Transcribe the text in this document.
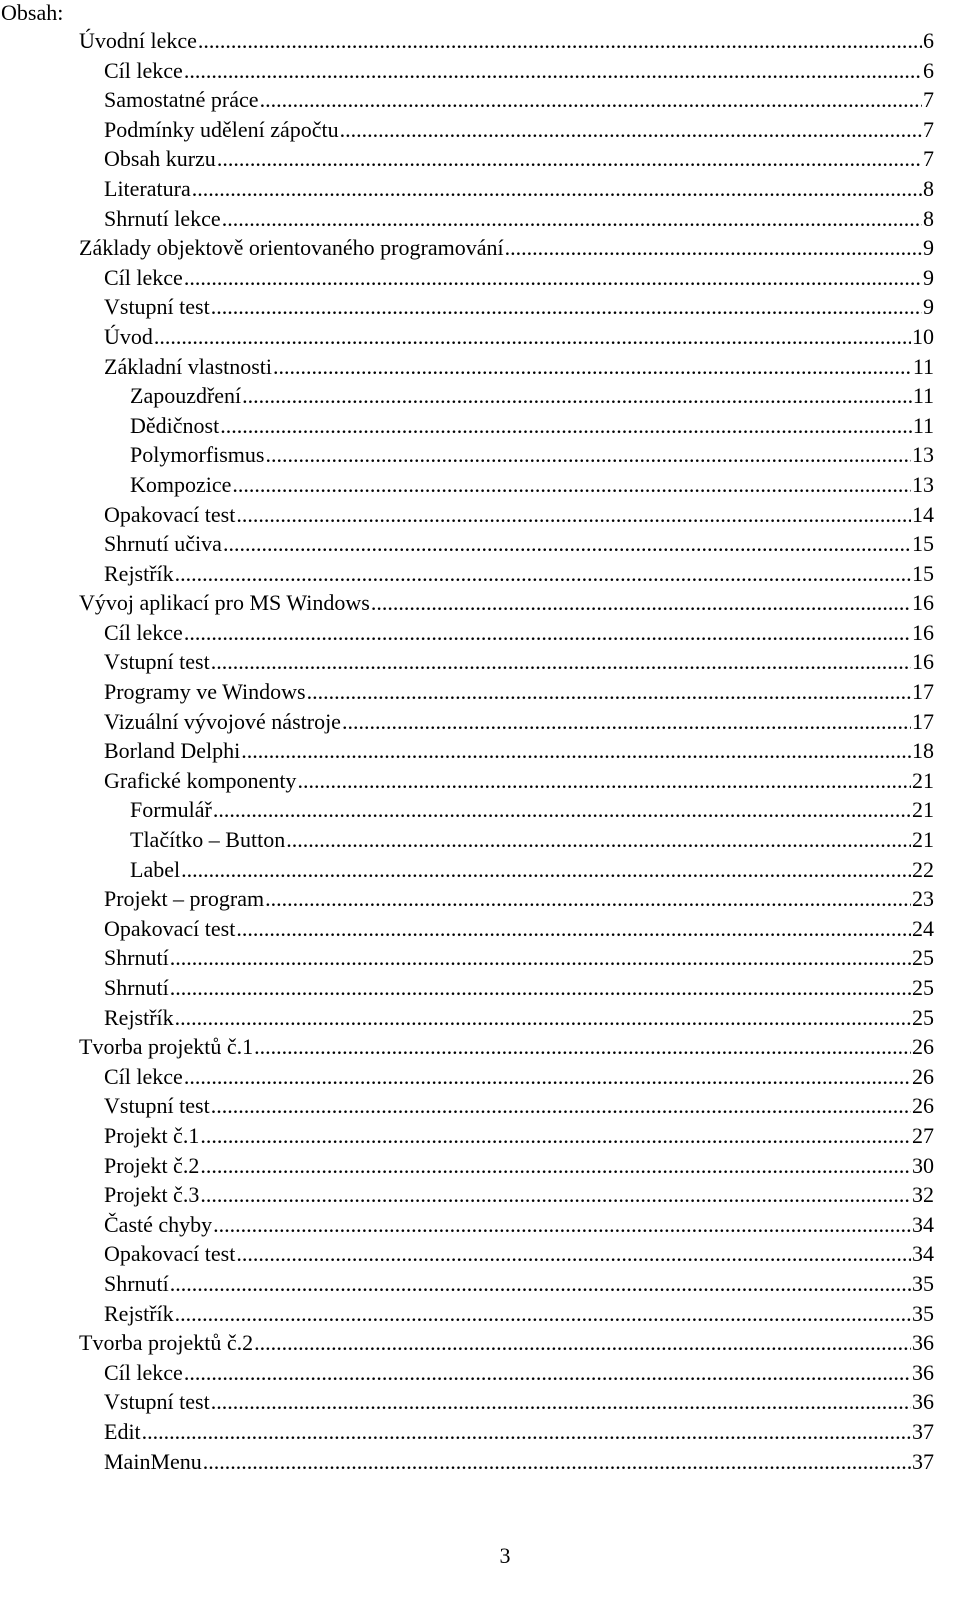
Obsah:
Úvodní lekce .....	6
Cíl lekce .....	6
Samostatné práce .....	7
Podmínky udělení zápočtu .....	7
Obsah kurzu .....	7
Literatura .....	8
Shrnutí lekce .....	8
Základy objektově orientovaného programování .....	9
Cíl lekce .....	9
Vstupní test .....	9
Úvod .....	10
Základní vlastnosti .....	11
Zapouzdření .....	11
Dědičnost .....	11
Polymorfismus .....	13
Kompozice .....	13
Opakovací test .....	14
Shrnutí učiva .....	15
Rejstřík .....	15
Vývoj aplikací pro MS Windows .....	16
Cíl lekce .....	16
Vstupní test .....	16
Programy ve Windows .....	17
Vizuální vývojové nástroje .....	17
Borland Delphi .....	18
Grafické komponenty .....	21
Formulář .....	21
Tlačítko – Button .....	21
Label .....	22
Projekt – program .....	23
Opakovací test .....	24
Shrnutí .....	25
Shrnutí .....	25
Rejstřík .....	25
Tvorba projektů č.1 .....	26
Cíl lekce .....	26
Vstupní test .....	26
Projekt č.1 .....	27
Projekt č.2 .....	30
Projekt č.3 .....	32
Časté chyby .....	34
Opakovací test .....	34
Shrnutí .....	35
Rejstřík .....	35
Tvorba projektů č.2 .....	36
Cíl lekce .....	36
Vstupní test .....	36
Edit .....	37
MainMenu .....	37
3
